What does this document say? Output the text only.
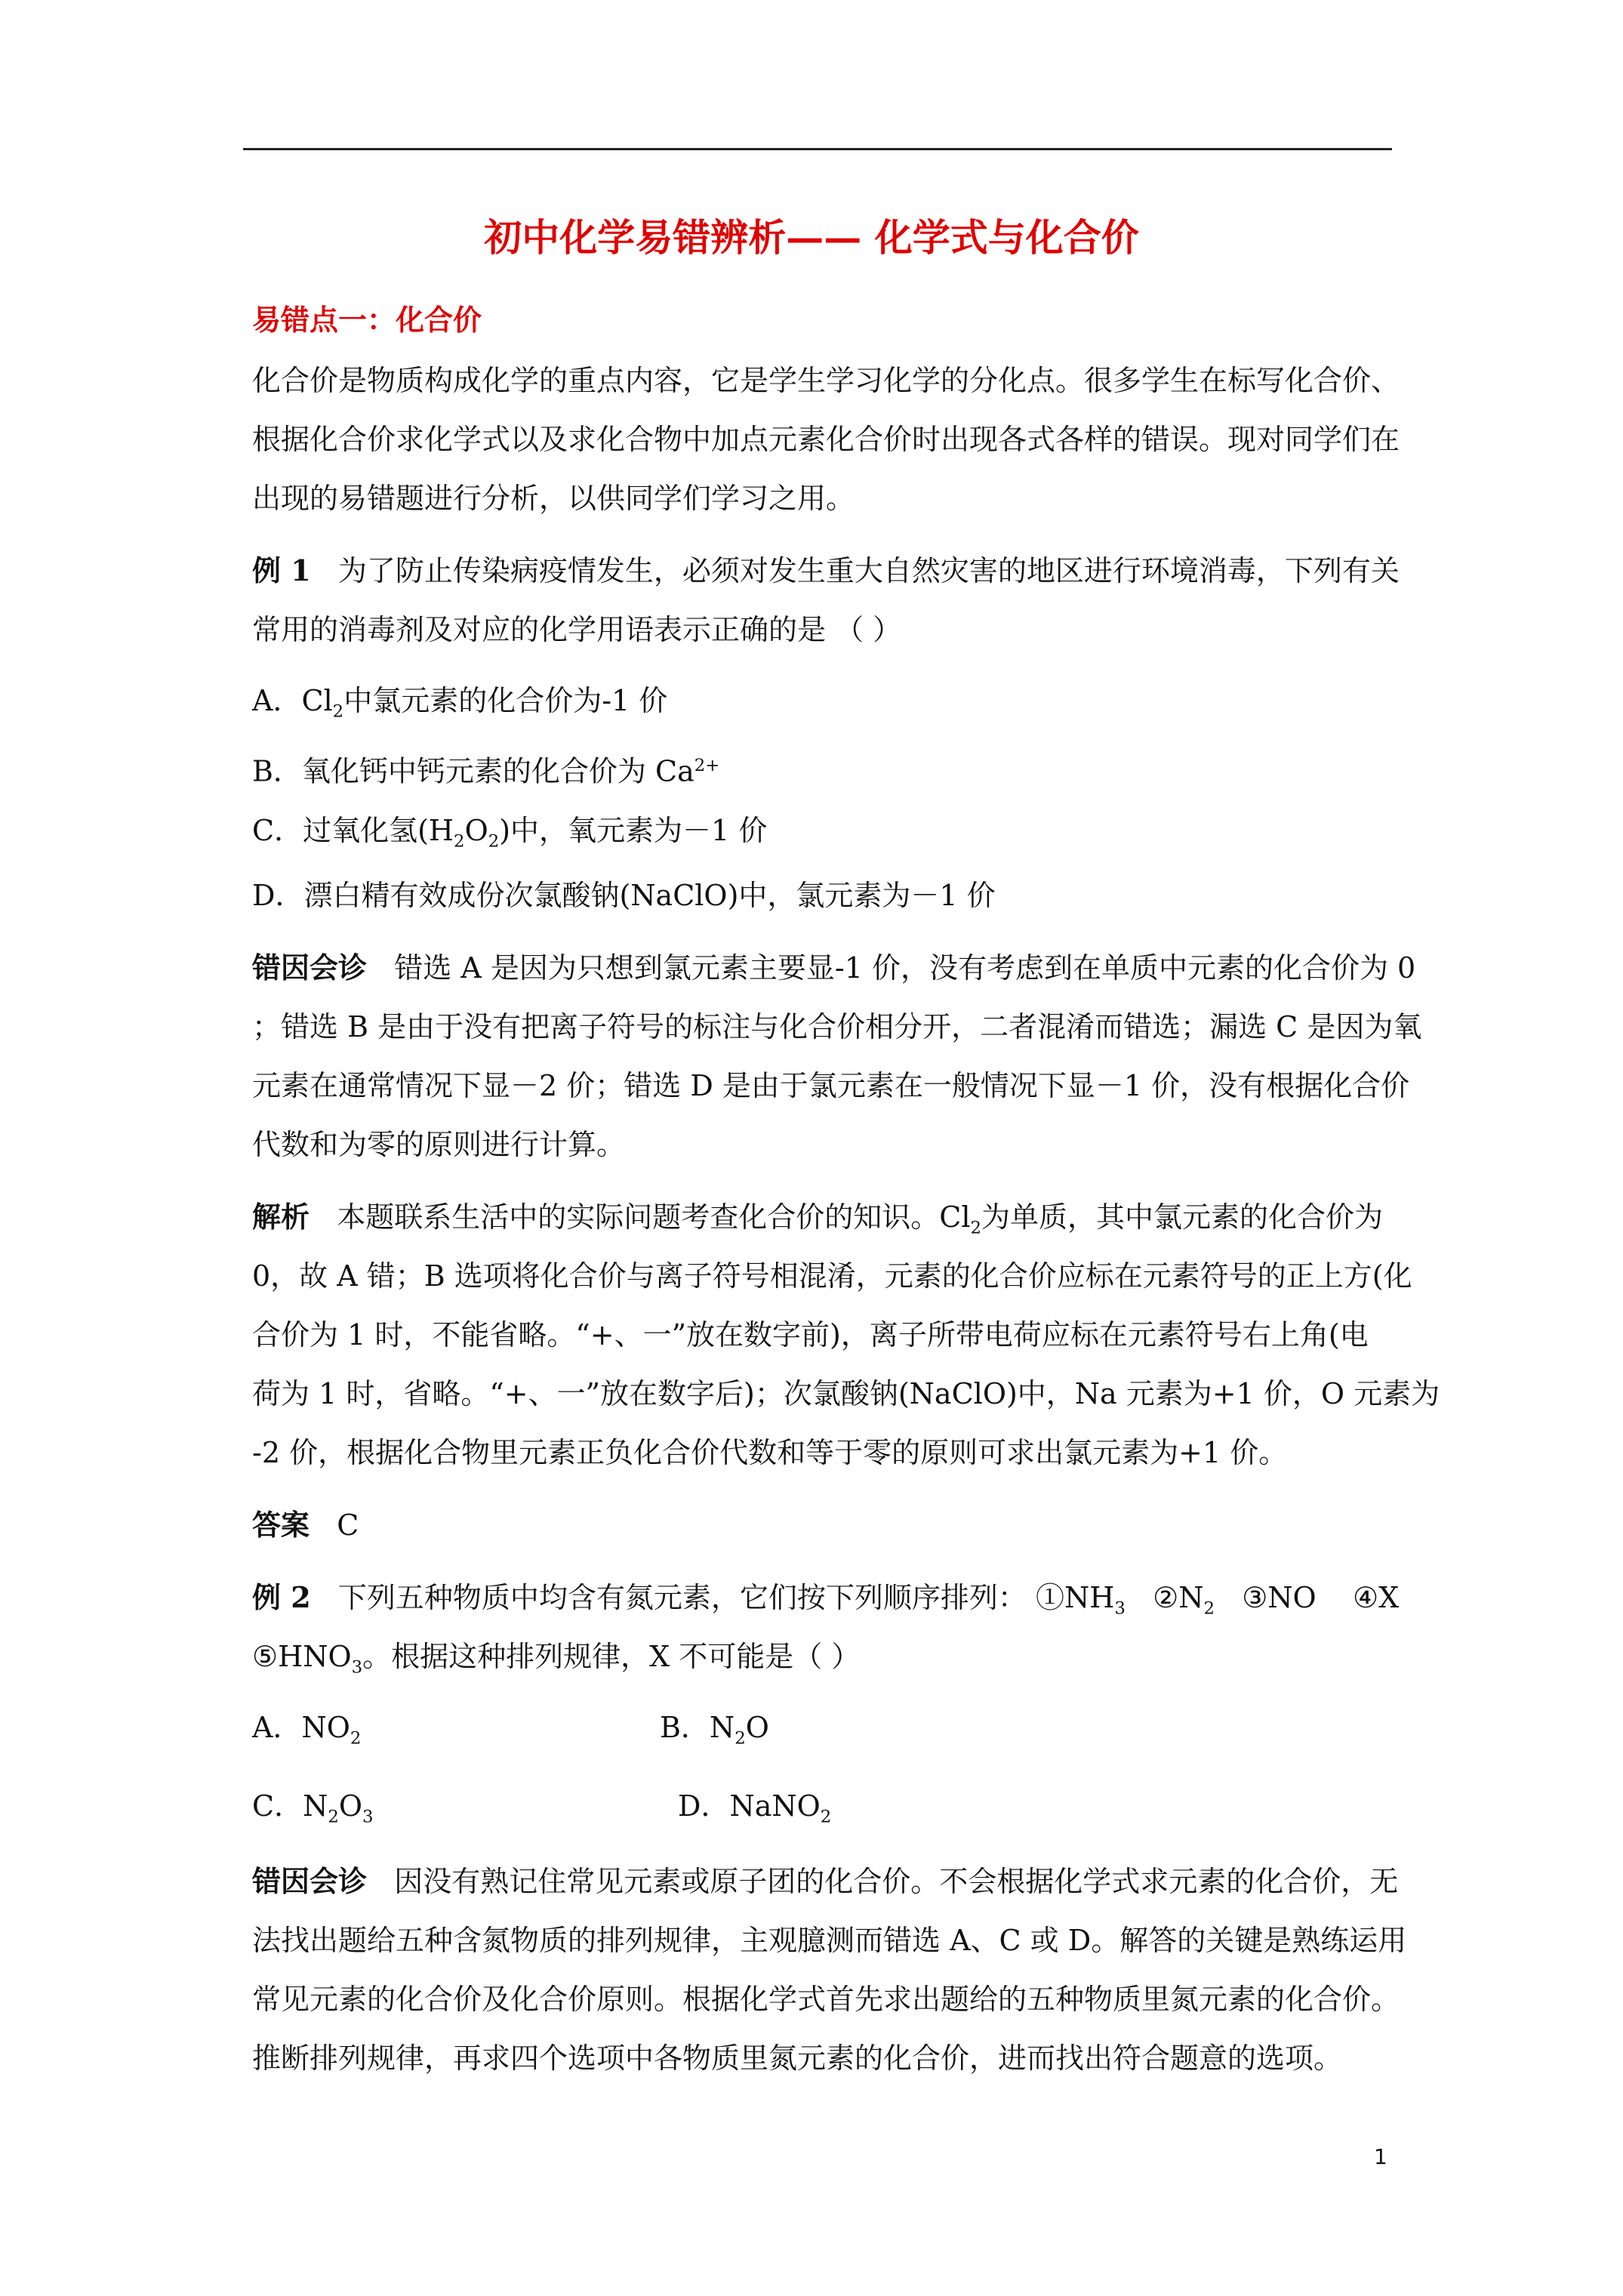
初中化学易错辨析—— 化学式与化合价
易错点一：化合价
化合价是物质构成化学的重点内容，它是学生学习化学的分化点。很多学生在标写化合价、
根据化合价求化学式以及求化合物中加点元素化合价时出现各式各样的错误。现对同学们在
出现的易错题进行分析，以供同学们学习之用。
例 1 为了防止传染病疫情发生，必须对发生重大自然灾害的地区进行环境消毒，下列有关
常用的消毒剂及对应的化学用语表示正确的是 （ ）
A．$Cl_2$中氯元素的化合价为-1 价
B．氧化钙中钙元素的化合价为 $Ca^{2+}$
C．过氧化氢$(H_2O_2)$中，氧元素为－1 价
D．漂白精有效成份次氯酸钠(NaClO)中，氯元素为－1 价
错因会诊 错选 A 是因为只想到氯元素主要显-1 价，没有考虑到在单质中元素的化合价为 0
；错选 B 是由于没有把离子符号的标注与化合价相分开，二者混淆而错选；漏选 C 是因为氧
元素在通常情况下显－2 价；错选 D 是由于氯元素在一般情况下显－1 价，没有根据化合价
代数和为零的原则进行计算。
解析 本题联系生活中的实际问题考查化合价的知识。$Cl_2$为单质，其中氯元素的化合价为
0，故 A 错；B 选项将化合价与离子符号相混淆，元素的化合价应标在元素符号的正上方(化
合价为 1 时，不能省略。“+、一”放在数字前)，离子所带电荷应标在元素符号右上角(电
荷为 1 时，省略。“+、一”放在数字后)；次氯酸钠(NaClO)中，Na 元素为+1 价，O 元素为
-2 价，根据化合物里元素正负化合价代数和等于零的原则可求出氯元素为+1 价。
答案 C
例 2 下列五种物质中均含有氮元素，它们按下列顺序排列： $①NH_3$   $②N_2$   ③NO    ④X
$⑤HNO_3$。根据这种排列规律，X 不可能是（ ）
A．$NO_2$	B．$N_2O$
C．$N_2O_3$	D．NaNO$_2$
错因会诊 因没有熟记住常见元素或原子团的化合价。不会根据化学式求元素的化合价，无
法找出题给五种含氮物质的排列规律，主观臆测而错选 A、C 或 D。解答的关键是熟练运用
常见元素的化合价及化合价原则。根据化学式首先求出题给的五种物质里氮元素的化合价。
推断排列规律，再求四个选项中各物质里氮元素的化合价，进而找出符合题意的选项。
1
